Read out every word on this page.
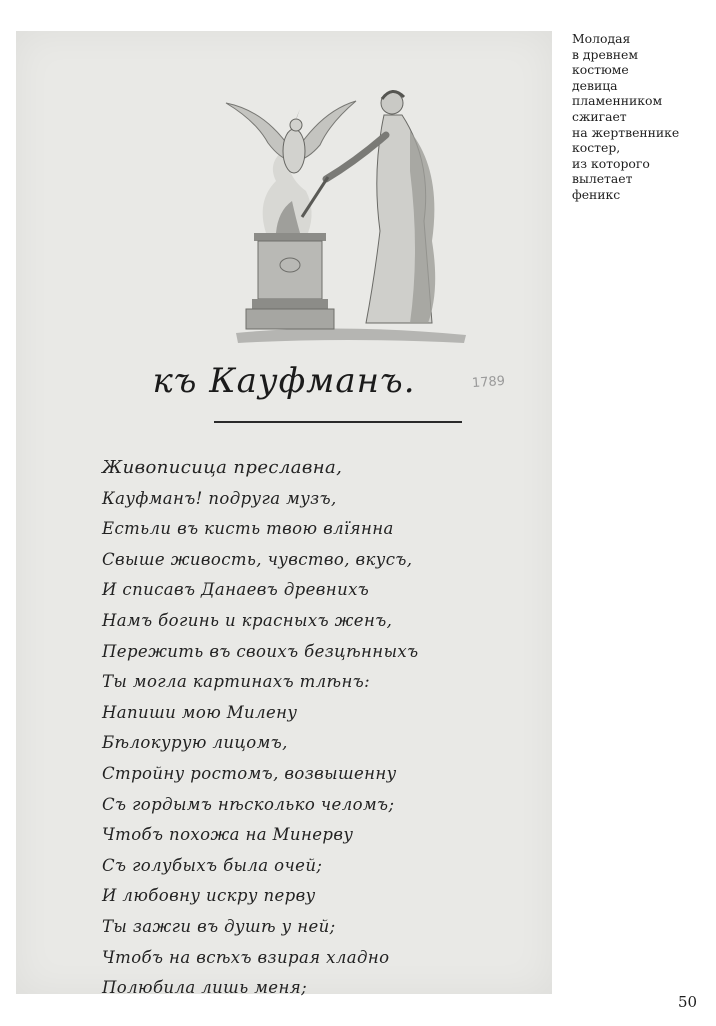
къ Кауфманъ.	1789
Живописица преславна,
Кауфманъ! подруга музъ,
Естьли въ кисть твою влïянна
Свыше живость, чувство, вкусъ,
И списавъ Данаевъ древнихъ
Намъ богинь и красныхъ женъ,
Пережить въ своихъ безцѣнныхъ
Ты могла картинахъ тлѣнъ:
Напиши мою Милену
Бѣлокурую лицомъ,
Стройну ростомъ, возвышенну
Съ гордымъ нѣсколько челомъ;
Чтобъ похожа на Минерву
Съ голубыхъ была очей;
И любовну искру перву
Ты зажги въ душѣ у ней;
Чтобъ на всѣхъ взирая хладно
Полюбила лишь меня;
Молодая
в древнем
костюме
девица
пламенником
сжигает
на жертвеннике
костер,
из которого
вылетает
феникс
50
